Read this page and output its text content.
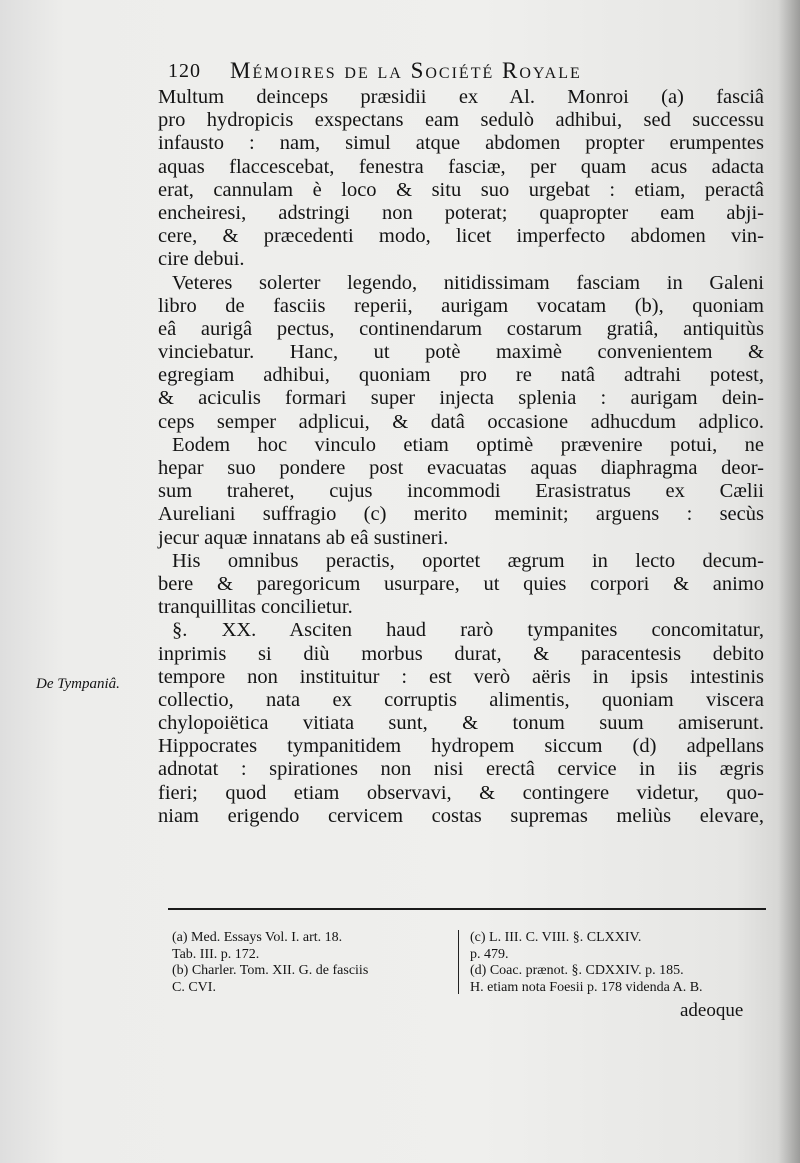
120 Mémoires de la Société Royale
Multum deinceps præsidii ex Al. Monroi (a) fasciâ
pro hydropicis exspectans eam sedulò adhibui, sed successu
infausto : nam, simul atque abdomen propter erumpentes
aquas flaccescebat, fenestra fasciæ, per quam acus adacta
erat, cannulam è loco & situ suo urgebat : etiam, peractâ
encheiresi, adstringi non poterat; quapropter eam abji-
cere, & præcedenti modo, licet imperfecto abdomen vin-
cire debui.
Veteres solerter legendo, nitidissimam fasciam in Galeni
libro de fasciis reperii, aurigam vocatam (b), quoniam
eâ aurigâ pectus, continendarum costarum gratiâ, antiquitùs
vinciebatur. Hanc, ut potè maximè convenientem &
egregiam adhibui, quoniam pro re natâ adtrahi potest,
& aciculis formari super injecta splenia : aurigam dein-
ceps semper adplicui, & datâ occasione adhucdum adplico.
Eodem hoc vinculo etiam optimè prævenire potui, ne
hepar suo pondere post evacuatas aquas diaphragma deor-
sum traheret, cujus incommodi Erasistratus ex Cælii
Aureliani suffragio (c) merito meminit; arguens : secùs
jecur aquæ innatans ab eâ sustineri.
His omnibus peractis, oportet ægrum in lecto decum-
bere & paregoricum usurpare, ut quies corpori & animo
tranquillitas concilietur.
§. XX. Asciten haud rarò tympanites concomitatur,
inprimis si diù morbus durat, & paracentesis debito
tempore non instituitur : est verò aëris in ipsis intestinis
collectio, nata ex corruptis alimentis, quoniam viscera
chylopoiëtica vitiata sunt, & tonum suum amiserunt.
Hippocrates tympanitidem hydropem siccum (d) adpellans
adnotat : spirationes non nisi erectâ cervice in iis ægris
fieri; quod etiam observavi, & contingere videtur, quo-
niam erigendo cervicem costas supremas meliùs elevare,
De Tympaniâ.
(a) Med. Essays Vol. I. art. 18.
Tab. III. p. 172.
(b) Charler. Tom. XII. G. de fasciis
C. CVI.
(c) L. III. C. VIII. §. CLXXIV.
p. 479.
(d) Coac. prænot. §. CDXXIV. p. 185.
H. etiam nota Foesii p. 178 videnda A. B.
adeoque
